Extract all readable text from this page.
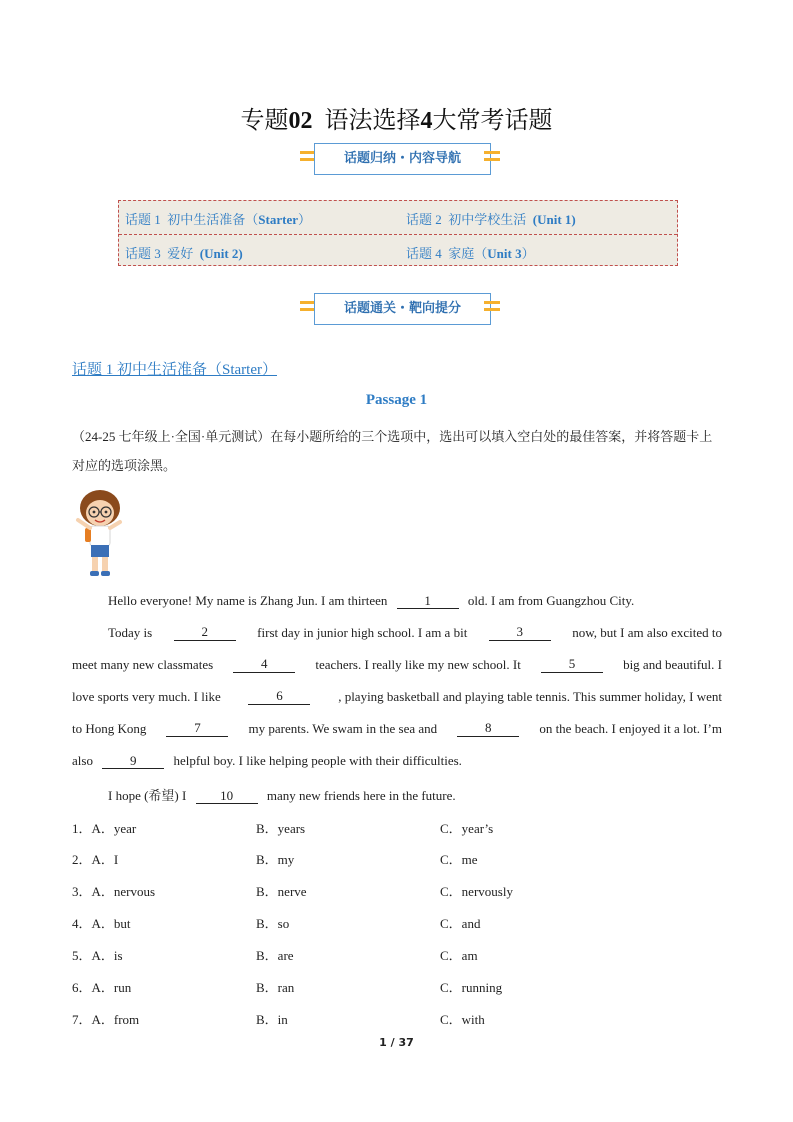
专题02 语法选择4大常考话题
话题归纳・内容导航
话题 1 初中生活准备（Starter）	话题 2 初中学校生活 (Unit 1)
话题 3 爱好 (Unit 2)	话题 4 家庭（Unit 3）
话题通关・靶向提分
话题 1 初中生活准备（Starter）
Passage 1
（24-25 七年级上·全国·单元测试）在每小题所给的三个选项中，选出可以填入空白处的最佳答案，并将答题卡上对应的选项涂黑。
Hello everyone! My name is Zhang Jun. I am thirteen	1	old. I am from Guangzhou City.
Today is	2	first day in junior high school. I am a bit	3	now, but I am also excited to
meet many new classmates	4	teachers. I really like my new school. It	5	big and beautiful. I
love sports very much. I like	6	, playing basketball and playing table tennis. This summer holiday, I went
to Hong Kong	7	my parents. We swam in the sea and	8	on the beach. I enjoyed it a lot. I’m
also	9	helpful boy. I like helping people with their difficulties.
I hope (希望) I	10	many new friends here in the future.
1．A．year	B．years	C．year’s
2．A．I	B．my	C．me
3．A．nervous	B．nerve	C．nervously
4．A．but	B．so	C．and
5．A．is	B．are	C．am
6．A．run	B．ran	C．running
7．A．from	B．in	C．with
1 / 37
